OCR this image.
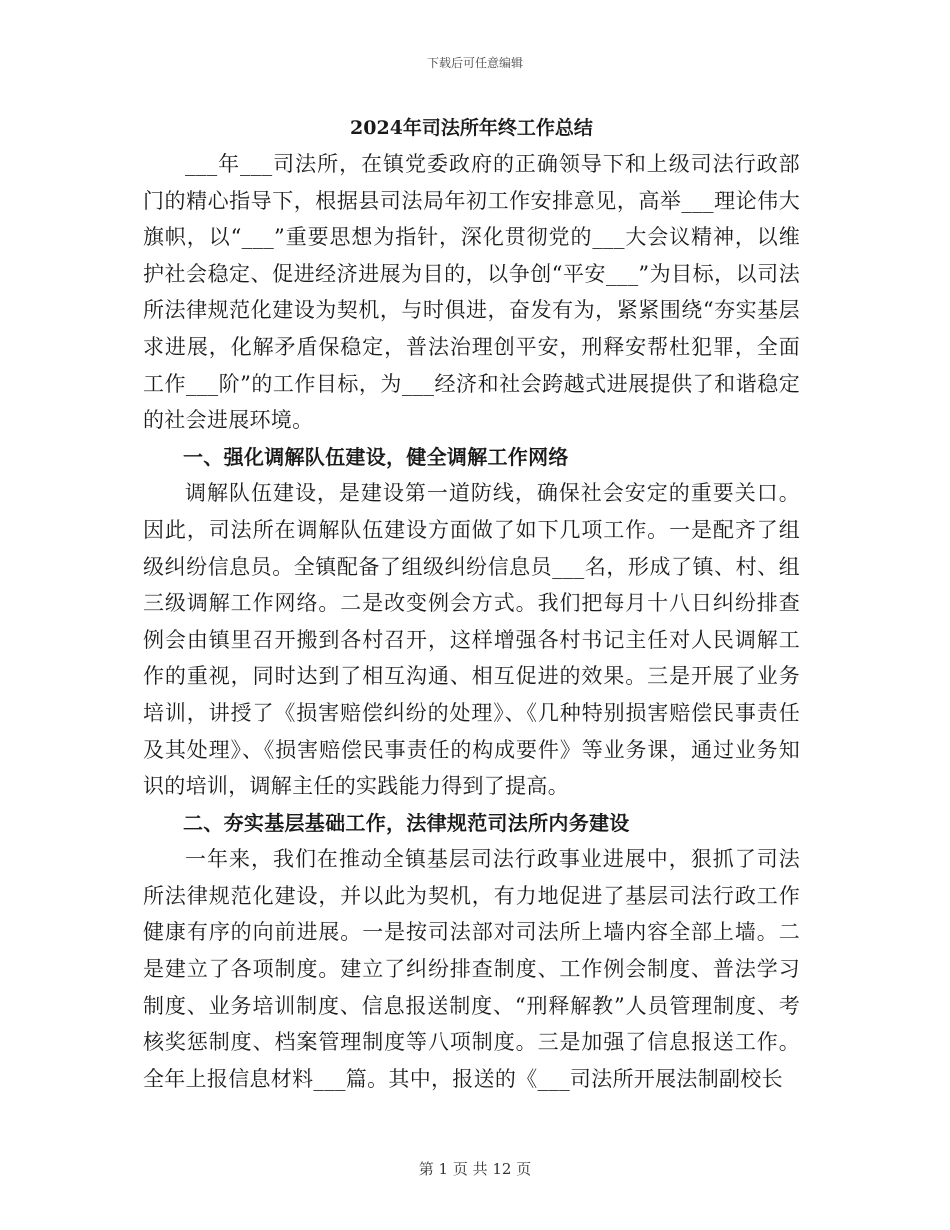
下载后可任意编辑
2024年司法所年终工作总结

___年___司法所，在镇党委政府的正确领导下和上级司法行政部门的精心指导下，根据县司法局年初工作安排意见，高举___理论伟大旗帜，以“___”重要思想为指针，深化贯彻党的___大会议精神，以维护社会稳定、促进经济进展为目的，以争创“平安___”为目标，以司法所法律规范化建设为契机，与时俱进，奋发有为，紧紧围绕“夯实基层求进展，化解矛盾保稳定，普法治理创平安，刑释安帮杜犯罪，全面工作___阶”的工作目标，为___经济和社会跨越式进展提供了和谐稳定的社会进展环境。

一、强化调解队伍建设，健全调解工作网络

调解队伍建设，是建设第一道防线，确保社会安定的重要关口。因此，司法所在调解队伍建设方面做了如下几项工作。一是配齐了组级纠纷信息员。全镇配备了组级纠纷信息员___名，形成了镇、村、组三级调解工作网络。二是改变例会方式。我们把每月十八日纠纷排查例会由镇里召开搬到各村召开，这样增强各村书记主任对人民调解工作的重视，同时达到了相互沟通、相互促进的效果。三是开展了业务培训，讲授了《损害赔偿纠纷的处理》、《几种特别损害赔偿民事责任及其处理》、《损害赔偿民事责任的构成要件》等业务课，通过业务知识的培训，调解主任的实践能力得到了提高。

二、夯实基层基础工作，法律规范司法所内务建设

一年来，我们在推动全镇基层司法行政事业进展中，狠抓了司法所法律规范化建设，并以此为契机，有力地促进了基层司法行政工作健康有序的向前进展。一是按司法部对司法所上墙内容全部上墙。二是建立了各项制度。建立了纠纷排查制度、工作例会制度、普法学习制度、业务培训制度、信息报送制度、“刑释解教”人员管理制度、考核奖惩制度、档案管理制度等八项制度。三是加强了信息报送工作。全年上报信息材料___篇。其中，报送的《___司法所开展法制副校长

第 1 页 共 12 页
